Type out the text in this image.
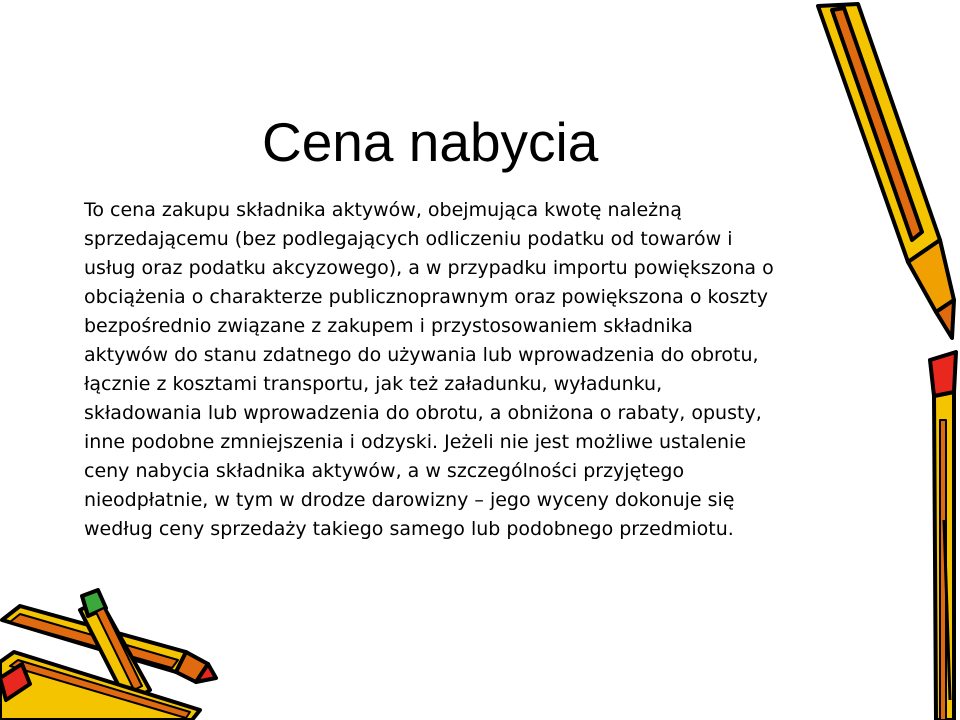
Cena nabycia
To cena zakupu składnika aktywów, obejmująca kwotę należną
sprzedającemu (bez podlegających odliczeniu podatku od towarów i
usług oraz podatku akcyzowego), a w przypadku importu powiększona o
obciążenia o charakterze publicznoprawnym oraz powiększona o koszty
bezpośrednio związane z zakupem i przystosowaniem składnika
aktywów do stanu zdatnego do używania lub wprowadzenia do obrotu,
łącznie z kosztami transportu, jak też załadunku, wyładunku,
składowania lub wprowadzenia do obrotu, a obniżona o rabaty, opusty,
inne podobne zmniejszenia i odzyski. Jeżeli nie jest możliwe ustalenie
ceny nabycia składnika aktywów, a w szczególności przyjętego
nieodpłatnie, w tym w drodze darowizny – jego wyceny dokonuje się
według ceny sprzedaży takiego samego lub podobnego przedmiotu.
